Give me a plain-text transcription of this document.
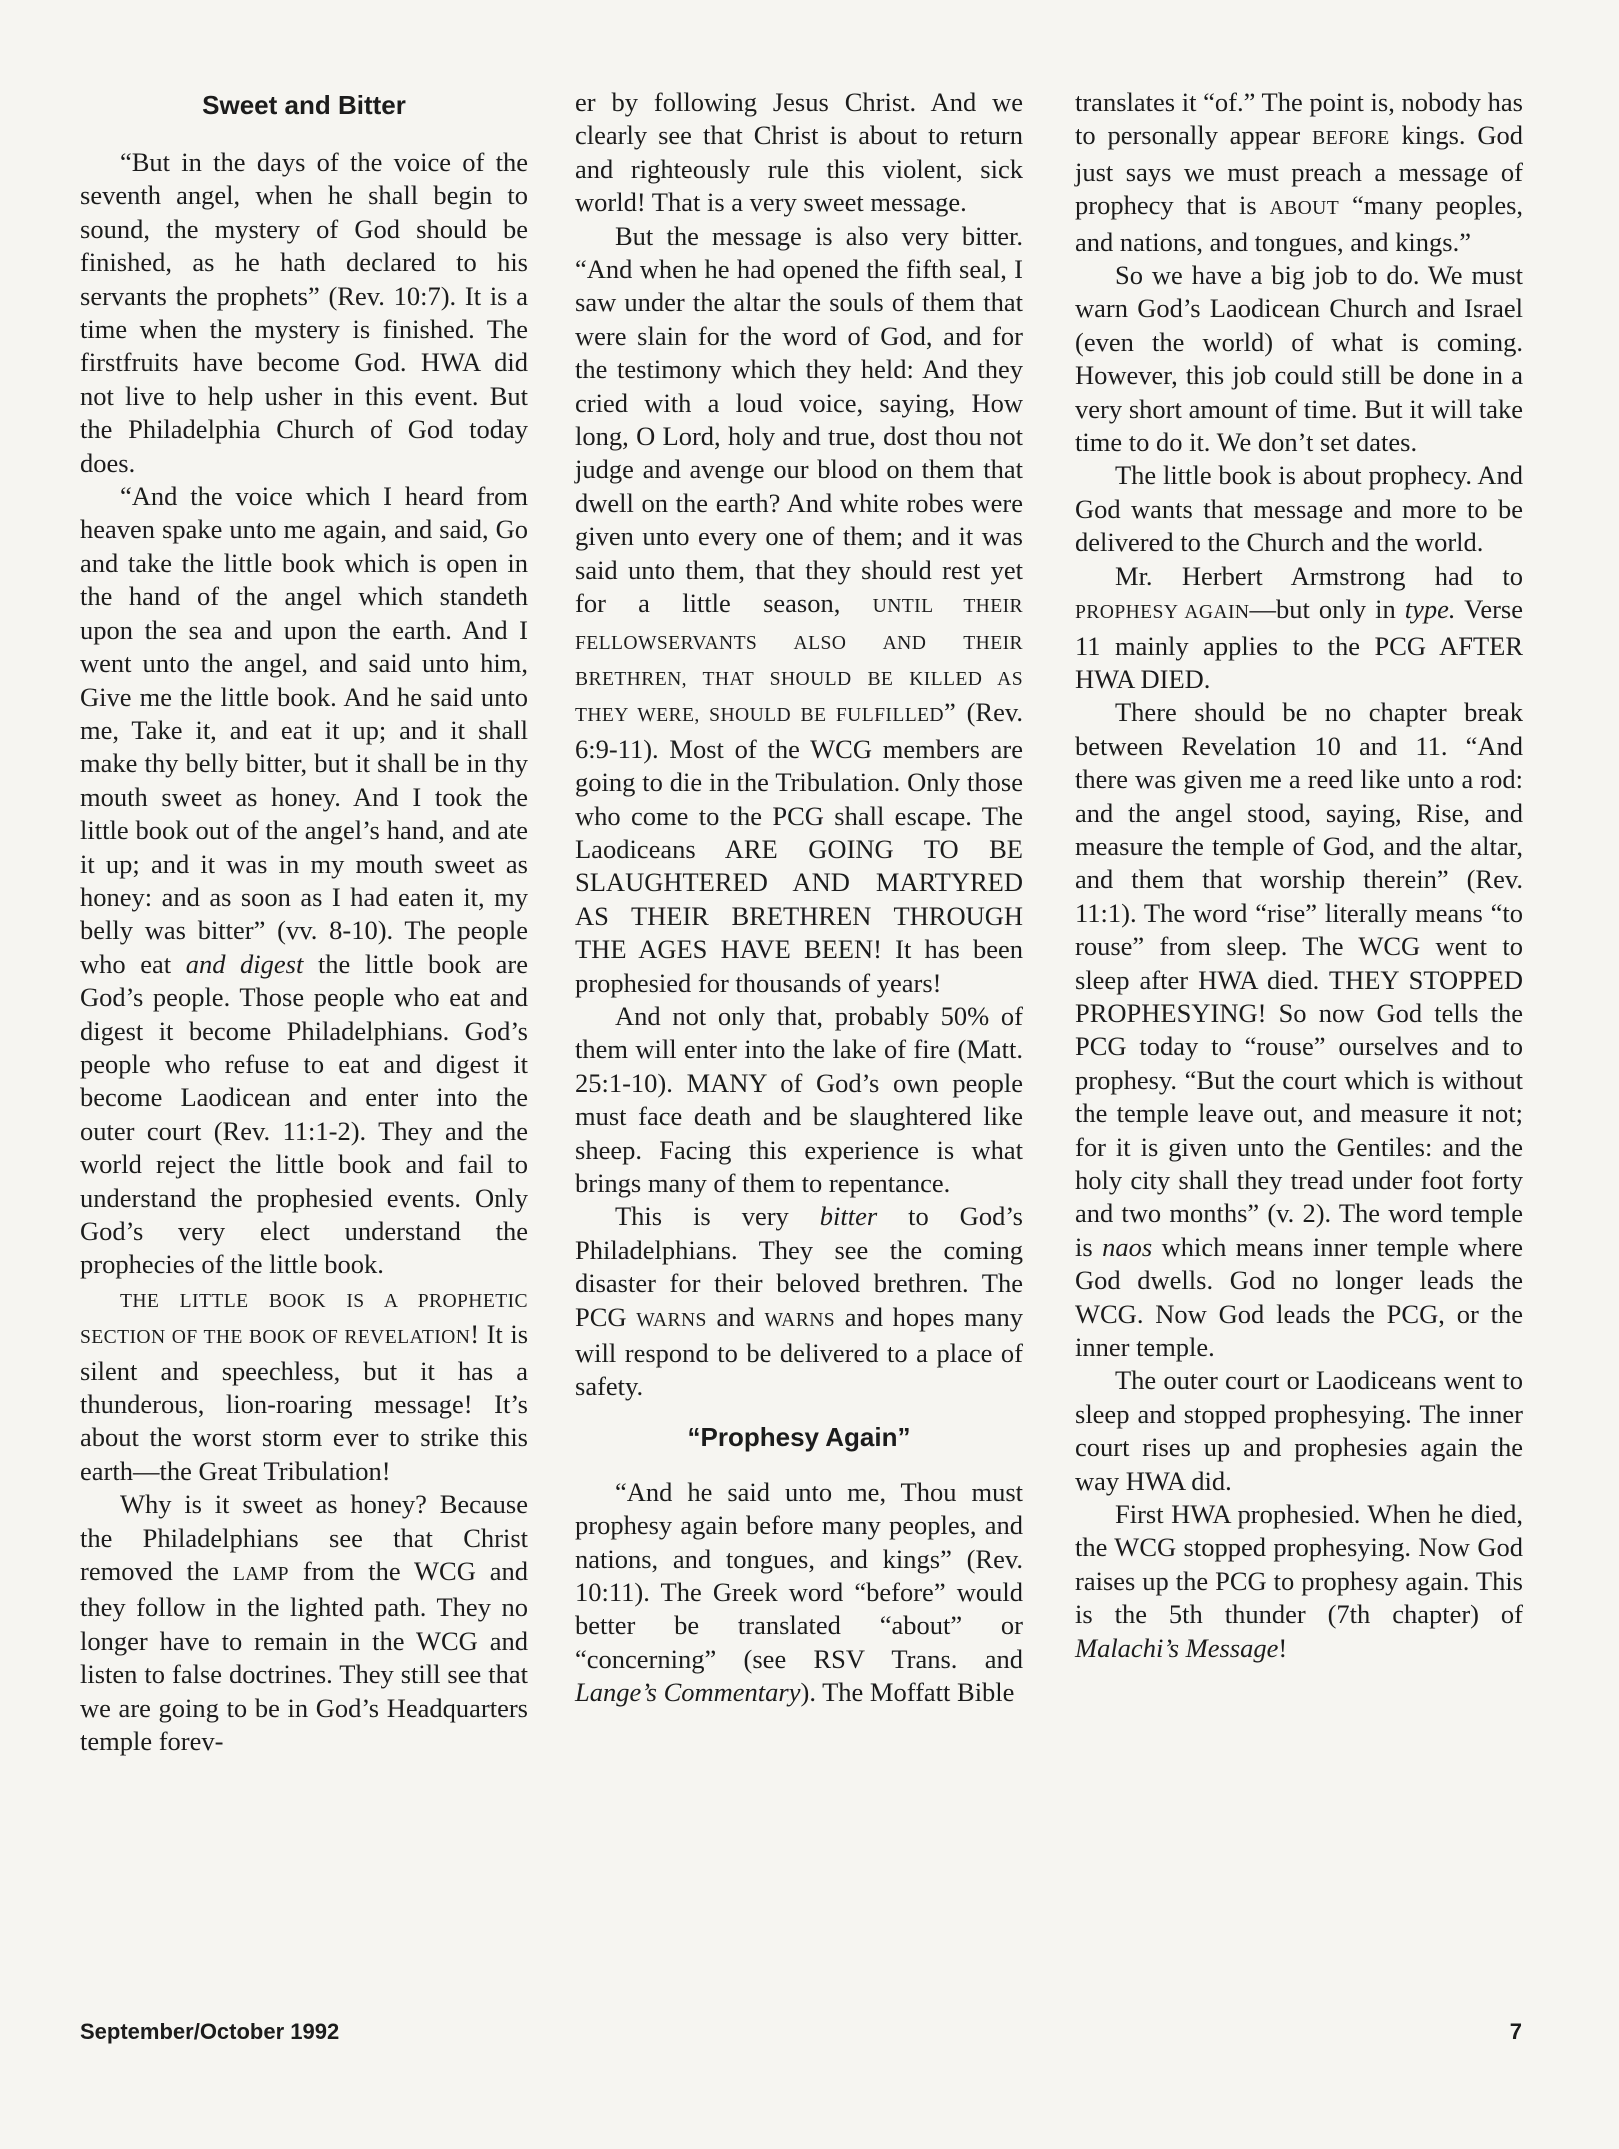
Sweet and Bitter

“But in the days of the voice of the seventh angel, when he shall begin to sound, the mystery of God should be finished, as he hath declared to his servants the prophets” (Rev. 10:7). It is a time when the mystery is finished. The firstfruits have become God. HWA did not live to help usher in this event. But the Philadelphia Church of God today does.

“And the voice which I heard from heaven spake unto me again, and said, Go and take the little book which is open in the hand of the angel which standeth upon the sea and upon the earth. And I went unto the angel, and said unto him, Give me the little book. And he said unto me, Take it, and eat it up; and it shall make thy belly bitter, but it shall be in thy mouth sweet as honey. And I took the little book out of the angel’s hand, and ate it up; and it was in my mouth sweet as honey: and as soon as I had eaten it, my belly was bitter” (vv. 8-10). The people who eat and digest the little book are God’s people. Those people who eat and digest it become Philadelphians. God’s people who refuse to eat and digest it become Laodicean and enter into the outer court (Rev. 11:1-2). They and the world reject the little book and fail to understand the prophesied events. Only God’s very elect understand the prophecies of the little book.

THE LITTLE BOOK IS A PROPHETIC SECTION OF THE BOOK OF REVELATION! It is silent and speechless, but it has a thunderous, lion-roaring message! It’s about the worst storm ever to strike this earth—the Great Tribulation!

Why is it sweet as honey? Because the Philadelphians see that Christ removed the LAMP from the WCG and they follow in the lighted path. They no longer have to remain in the WCG and listen to false doctrines. They still see that we are going to be in God’s Headquarters temple forev-

er by following Jesus Christ. And we clearly see that Christ is about to return and righteously rule this violent, sick world! That is a very sweet message.

But the message is also very bitter. “And when he had opened the fifth seal, I saw under the altar the souls of them that were slain for the word of God, and for the testimony which they held: And they cried with a loud voice, saying, How long, O Lord, holy and true, dost thou not judge and avenge our blood on them that dwell on the earth? And white robes were given unto every one of them; and it was said unto them, that they should rest yet for a little season, UNTIL THEIR FELLOWSERVANTS ALSO AND THEIR BRETHREN, THAT SHOULD BE KILLED AS THEY WERE, SHOULD BE FULFILLED” (Rev. 6:9-11). Most of the WCG members are going to die in the Tribulation. Only those who come to the PCG shall escape. The Laodiceans ARE GOING TO BE SLAUGHTERED AND MARTYRED AS THEIR BRETHREN THROUGH THE AGES HAVE BEEN! It has been prophesied for thousands of years!

And not only that, probably 50% of them will enter into the lake of fire (Matt. 25:1-10). MANY of God’s own people must face death and be slaughtered like sheep. Facing this experience is what brings many of them to repentance.

This is very bitter to God’s Philadelphians. They see the coming disaster for their beloved brethren. The PCG WARNS and WARNS and hopes many will respond to be delivered to a place of safety.

“Prophesy Again”

“And he said unto me, Thou must prophesy again before many peoples, and nations, and tongues, and kings” (Rev. 10:11). The Greek word “before” would better be translated “about” or “concerning” (see RSV Trans. and Lange’s Commentary). The Moffatt Bible

translates it “of.” The point is, nobody has to personally appear BEFORE kings. God just says we must preach a message of prophecy that is ABOUT “many peoples, and nations, and tongues, and kings.”

So we have a big job to do. We must warn God’s Laodicean Church and Israel (even the world) of what is coming. However, this job could still be done in a very short amount of time. But it will take time to do it. We don’t set dates.

The little book is about prophecy. And God wants that message and more to be delivered to the Church and the world.

Mr. Herbert Armstrong had to PROPHESY AGAIN—but only in type. Verse 11 mainly applies to the PCG AFTER HWA DIED.

There should be no chapter break between Revelation 10 and 11. “And there was given me a reed like unto a rod: and the angel stood, saying, Rise, and measure the temple of God, and the altar, and them that worship therein” (Rev. 11:1). The word “rise” literally means “to rouse” from sleep. The WCG went to sleep after HWA died. THEY STOPPED PROPHESYING! So now God tells the PCG today to “rouse” ourselves and to prophesy. “But the court which is without the temple leave out, and measure it not; for it is given unto the Gentiles: and the holy city shall they tread under foot forty and two months” (v. 2). The word temple is naos which means inner temple where God dwells. God no longer leads the WCG. Now God leads the PCG, or the inner temple.

The outer court or Laodiceans went to sleep and stopped prophesying. The inner court rises up and prophesies again the way HWA did.

First HWA prophesied. When he died, the WCG stopped prophesying. Now God raises up the PCG to prophesy again. This is the 5th thunder (7th chapter) of Malachi’s Message!

September/October 1992	7
